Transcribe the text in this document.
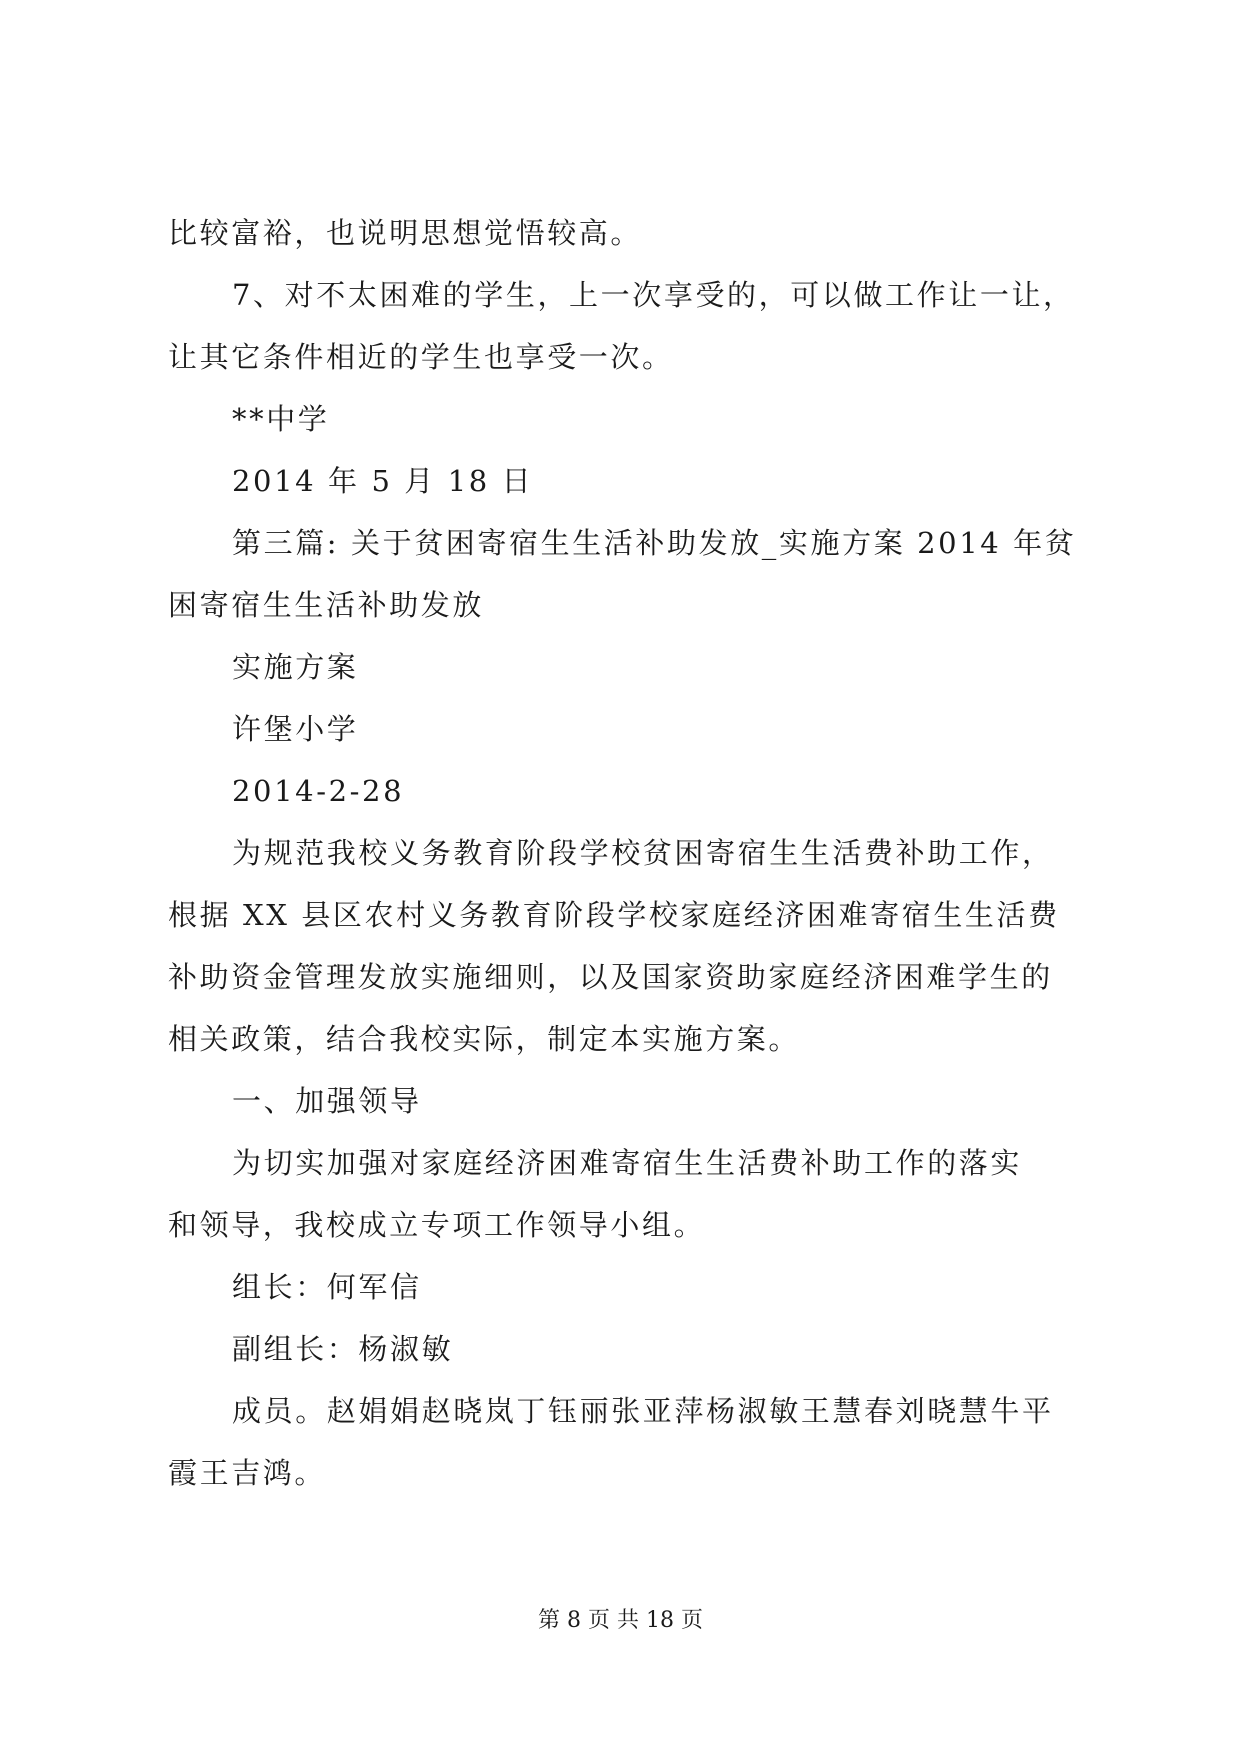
比较富裕，也说明思想觉悟较高。
7、对不太困难的学生，上一次享受的，可以做工作让一让，
让其它条件相近的学生也享受一次。
**中学
2014 年 5 月 18 日
第三篇: 关于贫困寄宿生生活补助发放_实施方案 2014 年贫
困寄宿生生活补助发放
实施方案
许堡小学
2014-2-28
为规范我校义务教育阶段学校贫困寄宿生生活费补助工作，
根据 XX 县区农村义务教育阶段学校家庭经济困难寄宿生生活费
补助资金管理发放实施细则，以及国家资助家庭经济困难学生的
相关政策，结合我校实际，制定本实施方案。
一、加强领导
为切实加强对家庭经济困难寄宿生生活费补助工作的落实
和领导，我校成立专项工作领导小组。
组长：何军信
副组长：杨淑敏
成员。赵娟娟赵晓岚丁钰丽张亚萍杨淑敏王慧春刘晓慧牛平
霞王吉鸿。
第 8 页 共 18 页
